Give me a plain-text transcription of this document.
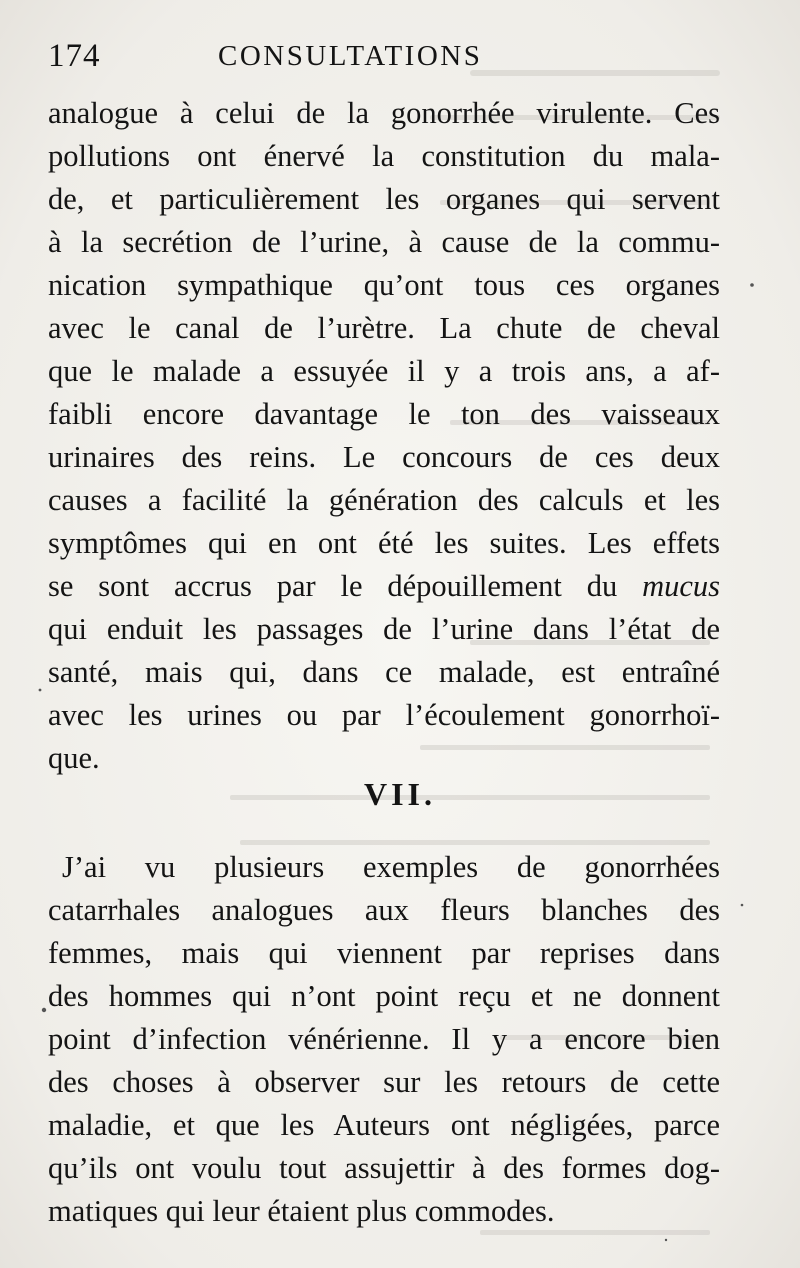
174	CONSULTATIONS
analogue à celui de la gonorrhée virulente. Ces
pollutions ont énervé la constitution du mala-
de, et particulièrement les organes qui servent
à la secrétion de l’urine, à cause de la commu-
nication sympathique qu’ont tous ces organes
avec le canal de l’urètre. La chute de cheval
que le malade a essuyée il y a trois ans, a af-
faibli encore davantage le ton des vaisseaux
urinaires des reins. Le concours de ces deux
causes a facilité la génération des calculs et les
symptômes qui en ont été les suites. Les effets
se sont accrus par le dépouillement du mucus
qui enduit les passages de l’urine dans l’état de
santé, mais qui, dans ce malade, est entraîné
avec les urines ou par l’écoulement gonorrhoï-
que.
VII.
J’ai vu plusieurs exemples de gonorrhées
catarrhales analogues aux fleurs blanches des
femmes, mais qui viennent par reprises dans
des hommes qui n’ont point reçu et ne donnent
point d’infection vénérienne. Il y a encore bien
des choses à observer sur les retours de cette
maladie, et que les Auteurs ont négligées, parce
qu’ils ont voulu tout assujettir à des formes dog-
matiques qui leur étaient plus commodes.
